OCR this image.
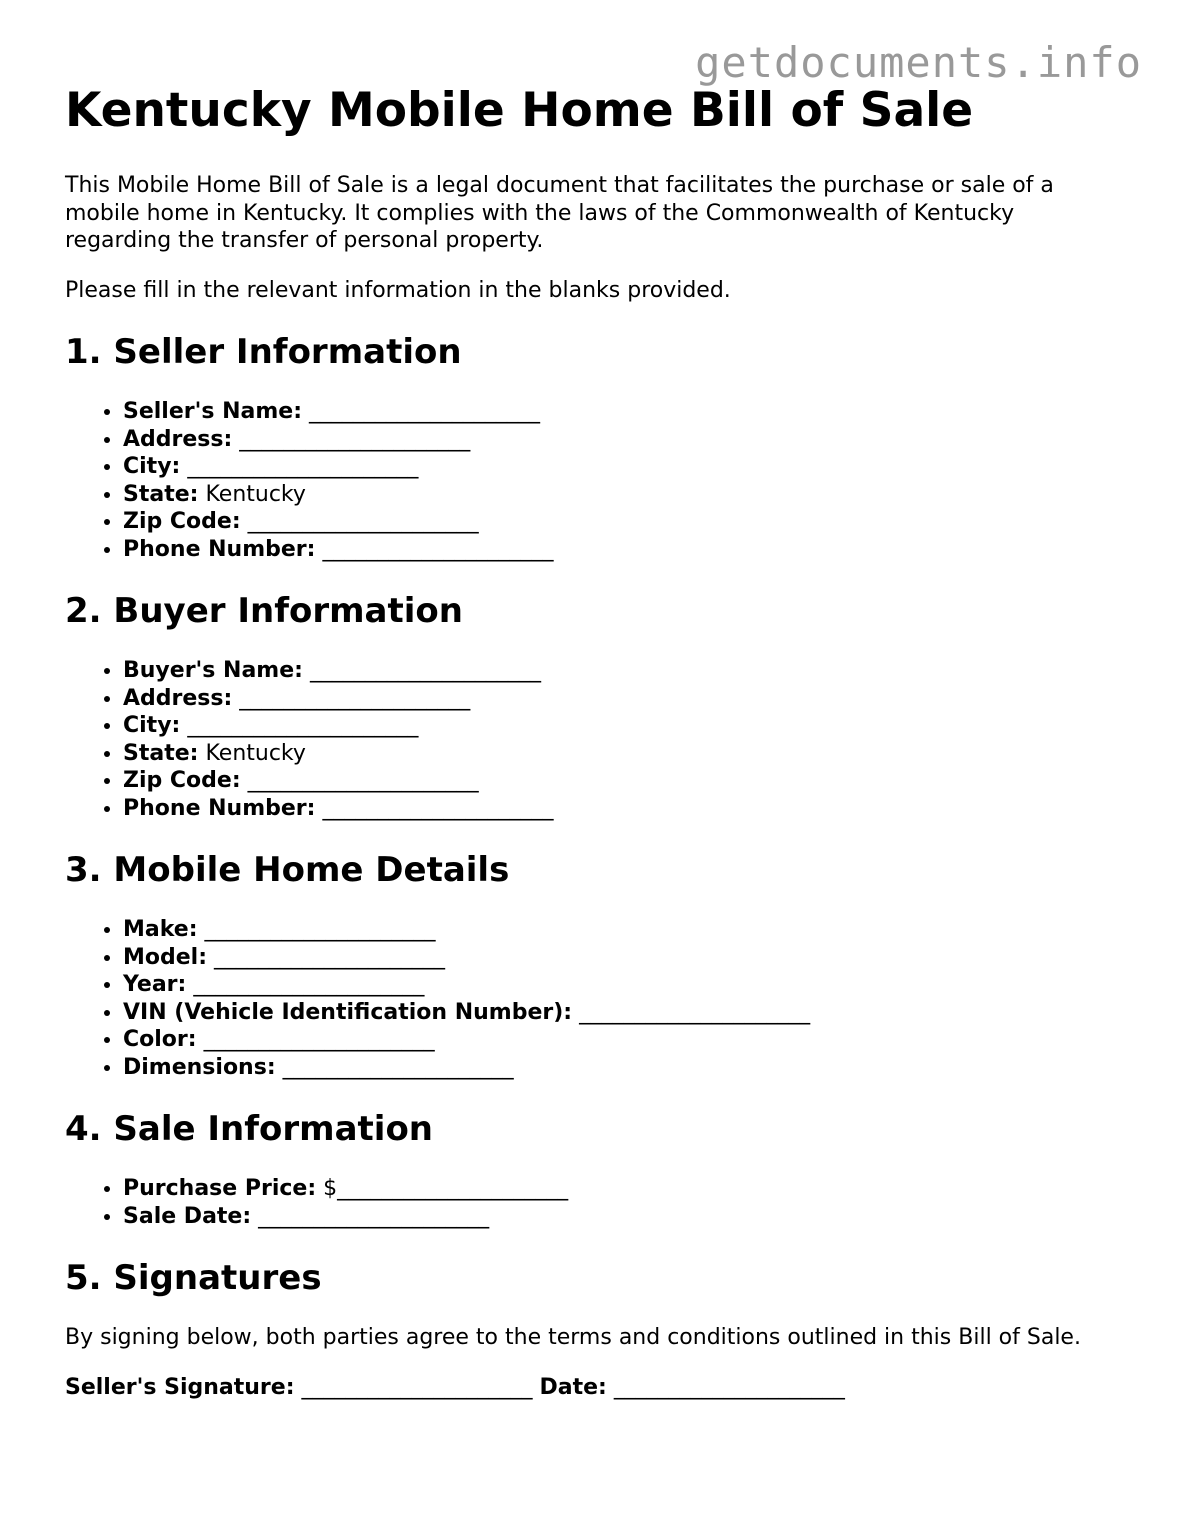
getdocuments.info
Kentucky Mobile Home Bill of Sale

This Mobile Home Bill of Sale is a legal document that facilitates the purchase or sale of a mobile home in Kentucky. It complies with the laws of the Commonwealth of Kentucky regarding the transfer of personal property.

Please fill in the relevant information in the blanks provided.

1. Seller Information
• Seller's Name: _____________________
• Address: _____________________
• City: _____________________
• State: Kentucky
• Zip Code: _____________________
• Phone Number: _____________________
2. Buyer Information
• Buyer's Name: _____________________
• Address: _____________________
• City: _____________________
• State: Kentucky
• Zip Code: _____________________
• Phone Number: _____________________
3. Mobile Home Details
• Make: _____________________
• Model: _____________________
• Year: _____________________
• VIN (Vehicle Identification Number): _____________________
• Color: _____________________
• Dimensions: _____________________
4. Sale Information
• Purchase Price: $_____________________
• Sale Date: _____________________
5. Signatures

By signing below, both parties agree to the terms and conditions outlined in this Bill of Sale.

Seller's Signature: _____________________ Date: _____________________
